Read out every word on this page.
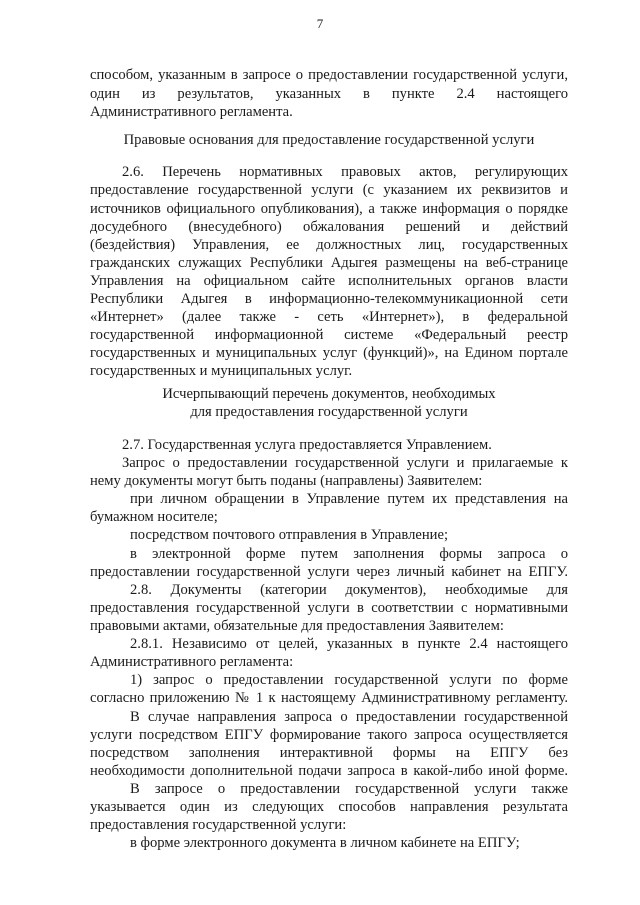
7
способом, указанным в запросе о предоставлении государственной услуги,
один из результатов, указанных в пункте 2.4 настоящего
Административного регламента.
Правовые основания для предоставление государственной услуги
2.6. Перечень нормативных правовых актов, регулирующих
предоставление государственной услуги (с указанием их реквизитов и
источников официального опубликования), а также информация о порядке
досудебного (внесудебного) обжалования решений и действий
(бездействия) Управления, ее должностных лиц, государственных
гражданских служащих Республики Адыгея размещены на веб-странице
Управления на официальном сайте исполнительных органов власти
Республики Адыгея в информационно-телекоммуникационной сети
«Интернет» (далее также - сеть «Интернет»), в федеральной
государственной информационной системе «Федеральный реестр
государственных и муниципальных услуг (функций)», на Едином портале
государственных и муниципальных услуг.
Исчерпывающий перечень документов, необходимых
для предоставления государственной услуги
2.7. Государственная услуга предоставляется Управлением.
Запрос о предоставлении государственной услуги и прилагаемые к
нему документы могут быть поданы (направлены) Заявителем:
при личном обращении в Управление путем их представления на
бумажном носителе;
посредством почтового отправления в Управление;
в электронной форме путем заполнения формы запроса о
предоставлении государственной услуги через личный кабинет на ЕПГУ.
2.8. Документы (категории документов), необходимые для
предоставления государственной услуги в соответствии с нормативными
правовыми актами, обязательные для предоставления Заявителем:
2.8.1. Независимо от целей, указанных в пункте 2.4 настоящего
Административного регламента:
1) запрос о предоставлении государственной услуги по форме
согласно приложению № 1 к настоящему Административному регламенту.
В случае направления запроса о предоставлении государственной
услуги посредством ЕПГУ формирование такого запроса осуществляется
посредством заполнения интерактивной формы на ЕПГУ без
необходимости дополнительной подачи запроса в какой-либо иной форме.
В запросе о предоставлении государственной услуги также
указывается один из следующих способов направления результата
предоставления государственной услуги:
в форме электронного документа в личном кабинете на ЕПГУ;
